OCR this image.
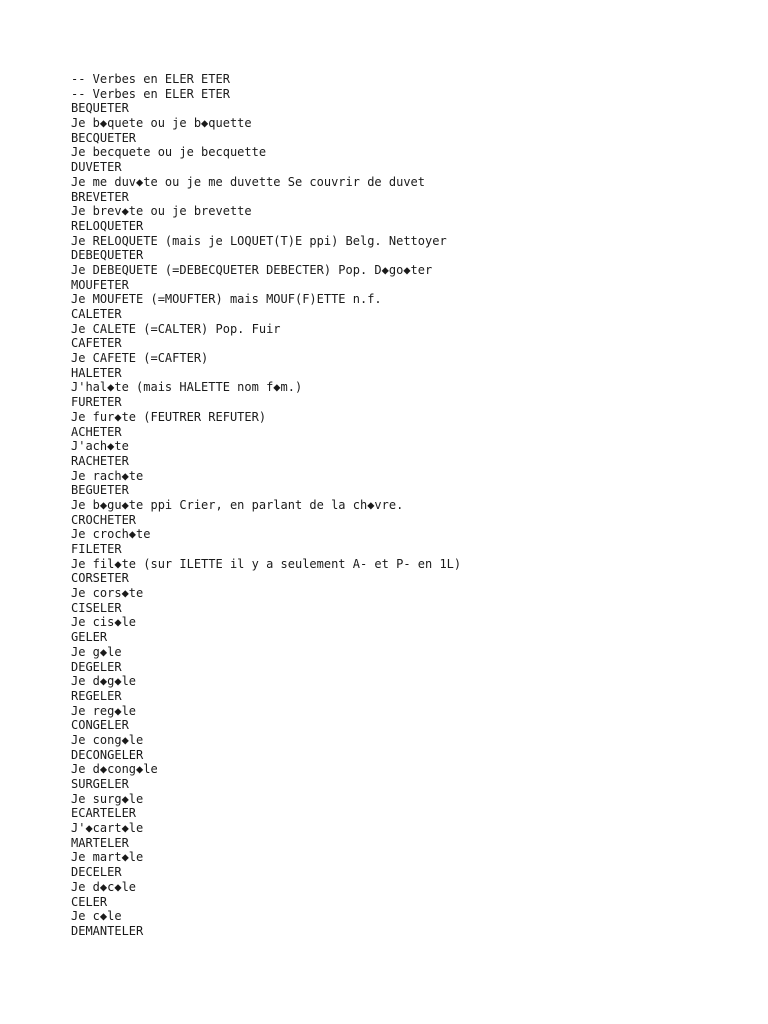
-- Verbes en ELER ETER
-- Verbes en ELER ETER
BEQUETER
Je b◆quete ou je b◆quette
BECQUETER
Je becquete ou je becquette
DUVETER
Je me duv◆te ou je me duvette Se couvrir de duvet
BREVETER
Je brev◆te ou je brevette
RELOQUETER
Je RELOQUETE (mais je LOQUET(T)E ppi) Belg. Nettoyer
DEBEQUETER
Je DEBEQUETE (=DEBECQUETER DEBECTER) Pop. D◆go◆ter
MOUFETER
Je MOUFETE (=MOUFTER) mais MOUF(F)ETTE n.f.
CALETER
Je CALETE (=CALTER) Pop. Fuir
CAFETER
Je CAFETE (=CAFTER)
HALETER
J'hal◆te (mais HALETTE nom f◆m.)
FURETER
Je fur◆te (FEUTRER REFUTER)
ACHETER
J'ach◆te
RACHETER
Je rach◆te
BEGUETER
Je b◆gu◆te ppi Crier, en parlant de la ch◆vre.
CROCHETER
Je croch◆te
FILETER
Je fil◆te (sur ILETTE il y a seulement A- et P- en 1L)
CORSETER
Je cors◆te
CISELER
Je cis◆le
GELER
Je g◆le
DEGELER
Je d◆g◆le
REGELER
Je reg◆le
CONGELER
Je cong◆le
DECONGELER
Je d◆cong◆le
SURGELER
Je surg◆le
ECARTELER
J'◆cart◆le
MARTELER
Je mart◆le
DECELER
Je d◆c◆le
CELER
Je c◆le
DEMANTELER
